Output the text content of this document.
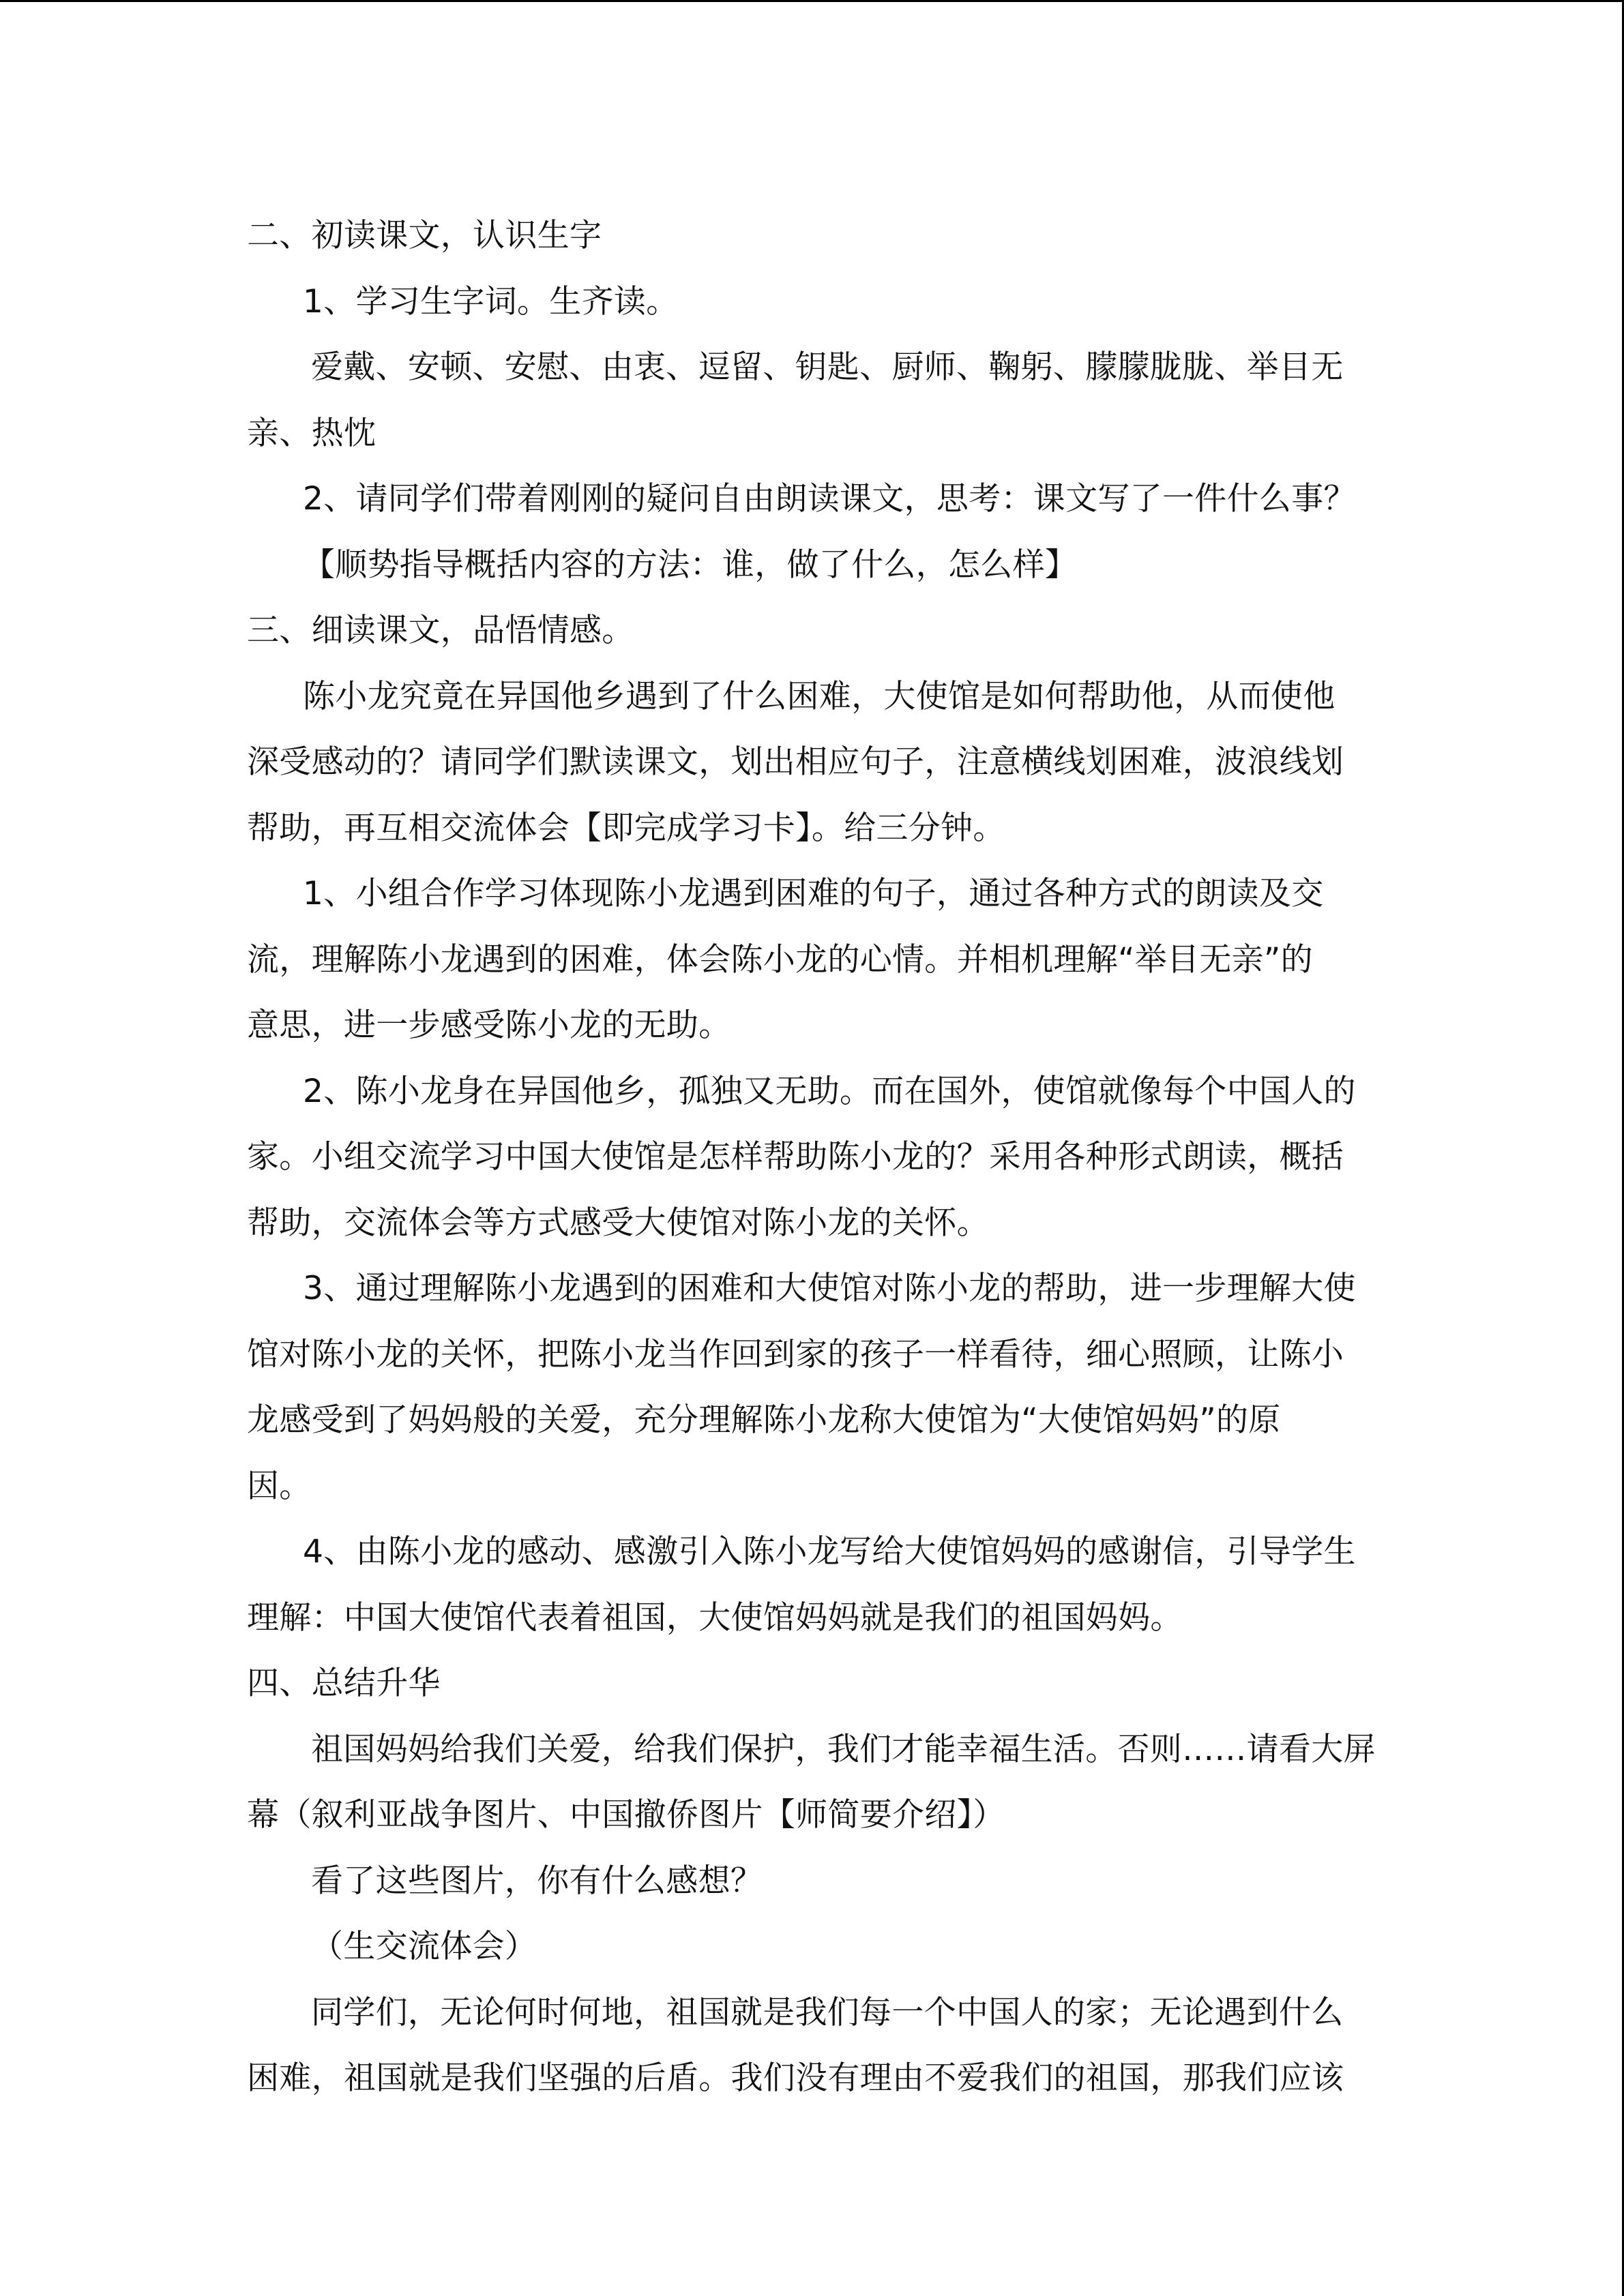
二、初读课文，认识生字
1、学习生字词。生齐读。
爱戴、安顿、安慰、由衷、逗留、钥匙、厨师、鞠躬、朦朦胧胧、举目无
亲、热忱
2、请同学们带着刚刚的疑问自由朗读课文，思考：课文写了一件什么事？
【顺势指导概括内容的方法：谁，做了什么，怎么样】
三、细读课文，品悟情感。
陈小龙究竟在异国他乡遇到了什么困难，大使馆是如何帮助他，从而使他
深受感动的？请同学们默读课文，划出相应句子，注意横线划困难，波浪线划
帮助，再互相交流体会【即完成学习卡】。给三分钟。
1、小组合作学习体现陈小龙遇到困难的句子，通过各种方式的朗读及交
流，理解陈小龙遇到的困难，体会陈小龙的心情。并相机理解“举目无亲”的
意思，进一步感受陈小龙的无助。
2、陈小龙身在异国他乡，孤独又无助。而在国外，使馆就像每个中国人的
家。小组交流学习中国大使馆是怎样帮助陈小龙的？采用各种形式朗读，概括
帮助，交流体会等方式感受大使馆对陈小龙的关怀。
3、通过理解陈小龙遇到的困难和大使馆对陈小龙的帮助，进一步理解大使
馆对陈小龙的关怀，把陈小龙当作回到家的孩子一样看待，细心照顾，让陈小
龙感受到了妈妈般的关爱，充分理解陈小龙称大使馆为“大使馆妈妈”的原
因。
4、由陈小龙的感动、感激引入陈小龙写给大使馆妈妈的感谢信，引导学生
理解：中国大使馆代表着祖国，大使馆妈妈就是我们的祖国妈妈。
四、总结升华
祖国妈妈给我们关爱，给我们保护，我们才能幸福生活。否则……请看大屏
幕（叙利亚战争图片、中国撤侨图片【师简要介绍】）
看了这些图片，你有什么感想？
（生交流体会）
同学们，无论何时何地，祖国就是我们每一个中国人的家；无论遇到什么
困难，祖国就是我们坚强的后盾。我们没有理由不爱我们的祖国，那我们应该
